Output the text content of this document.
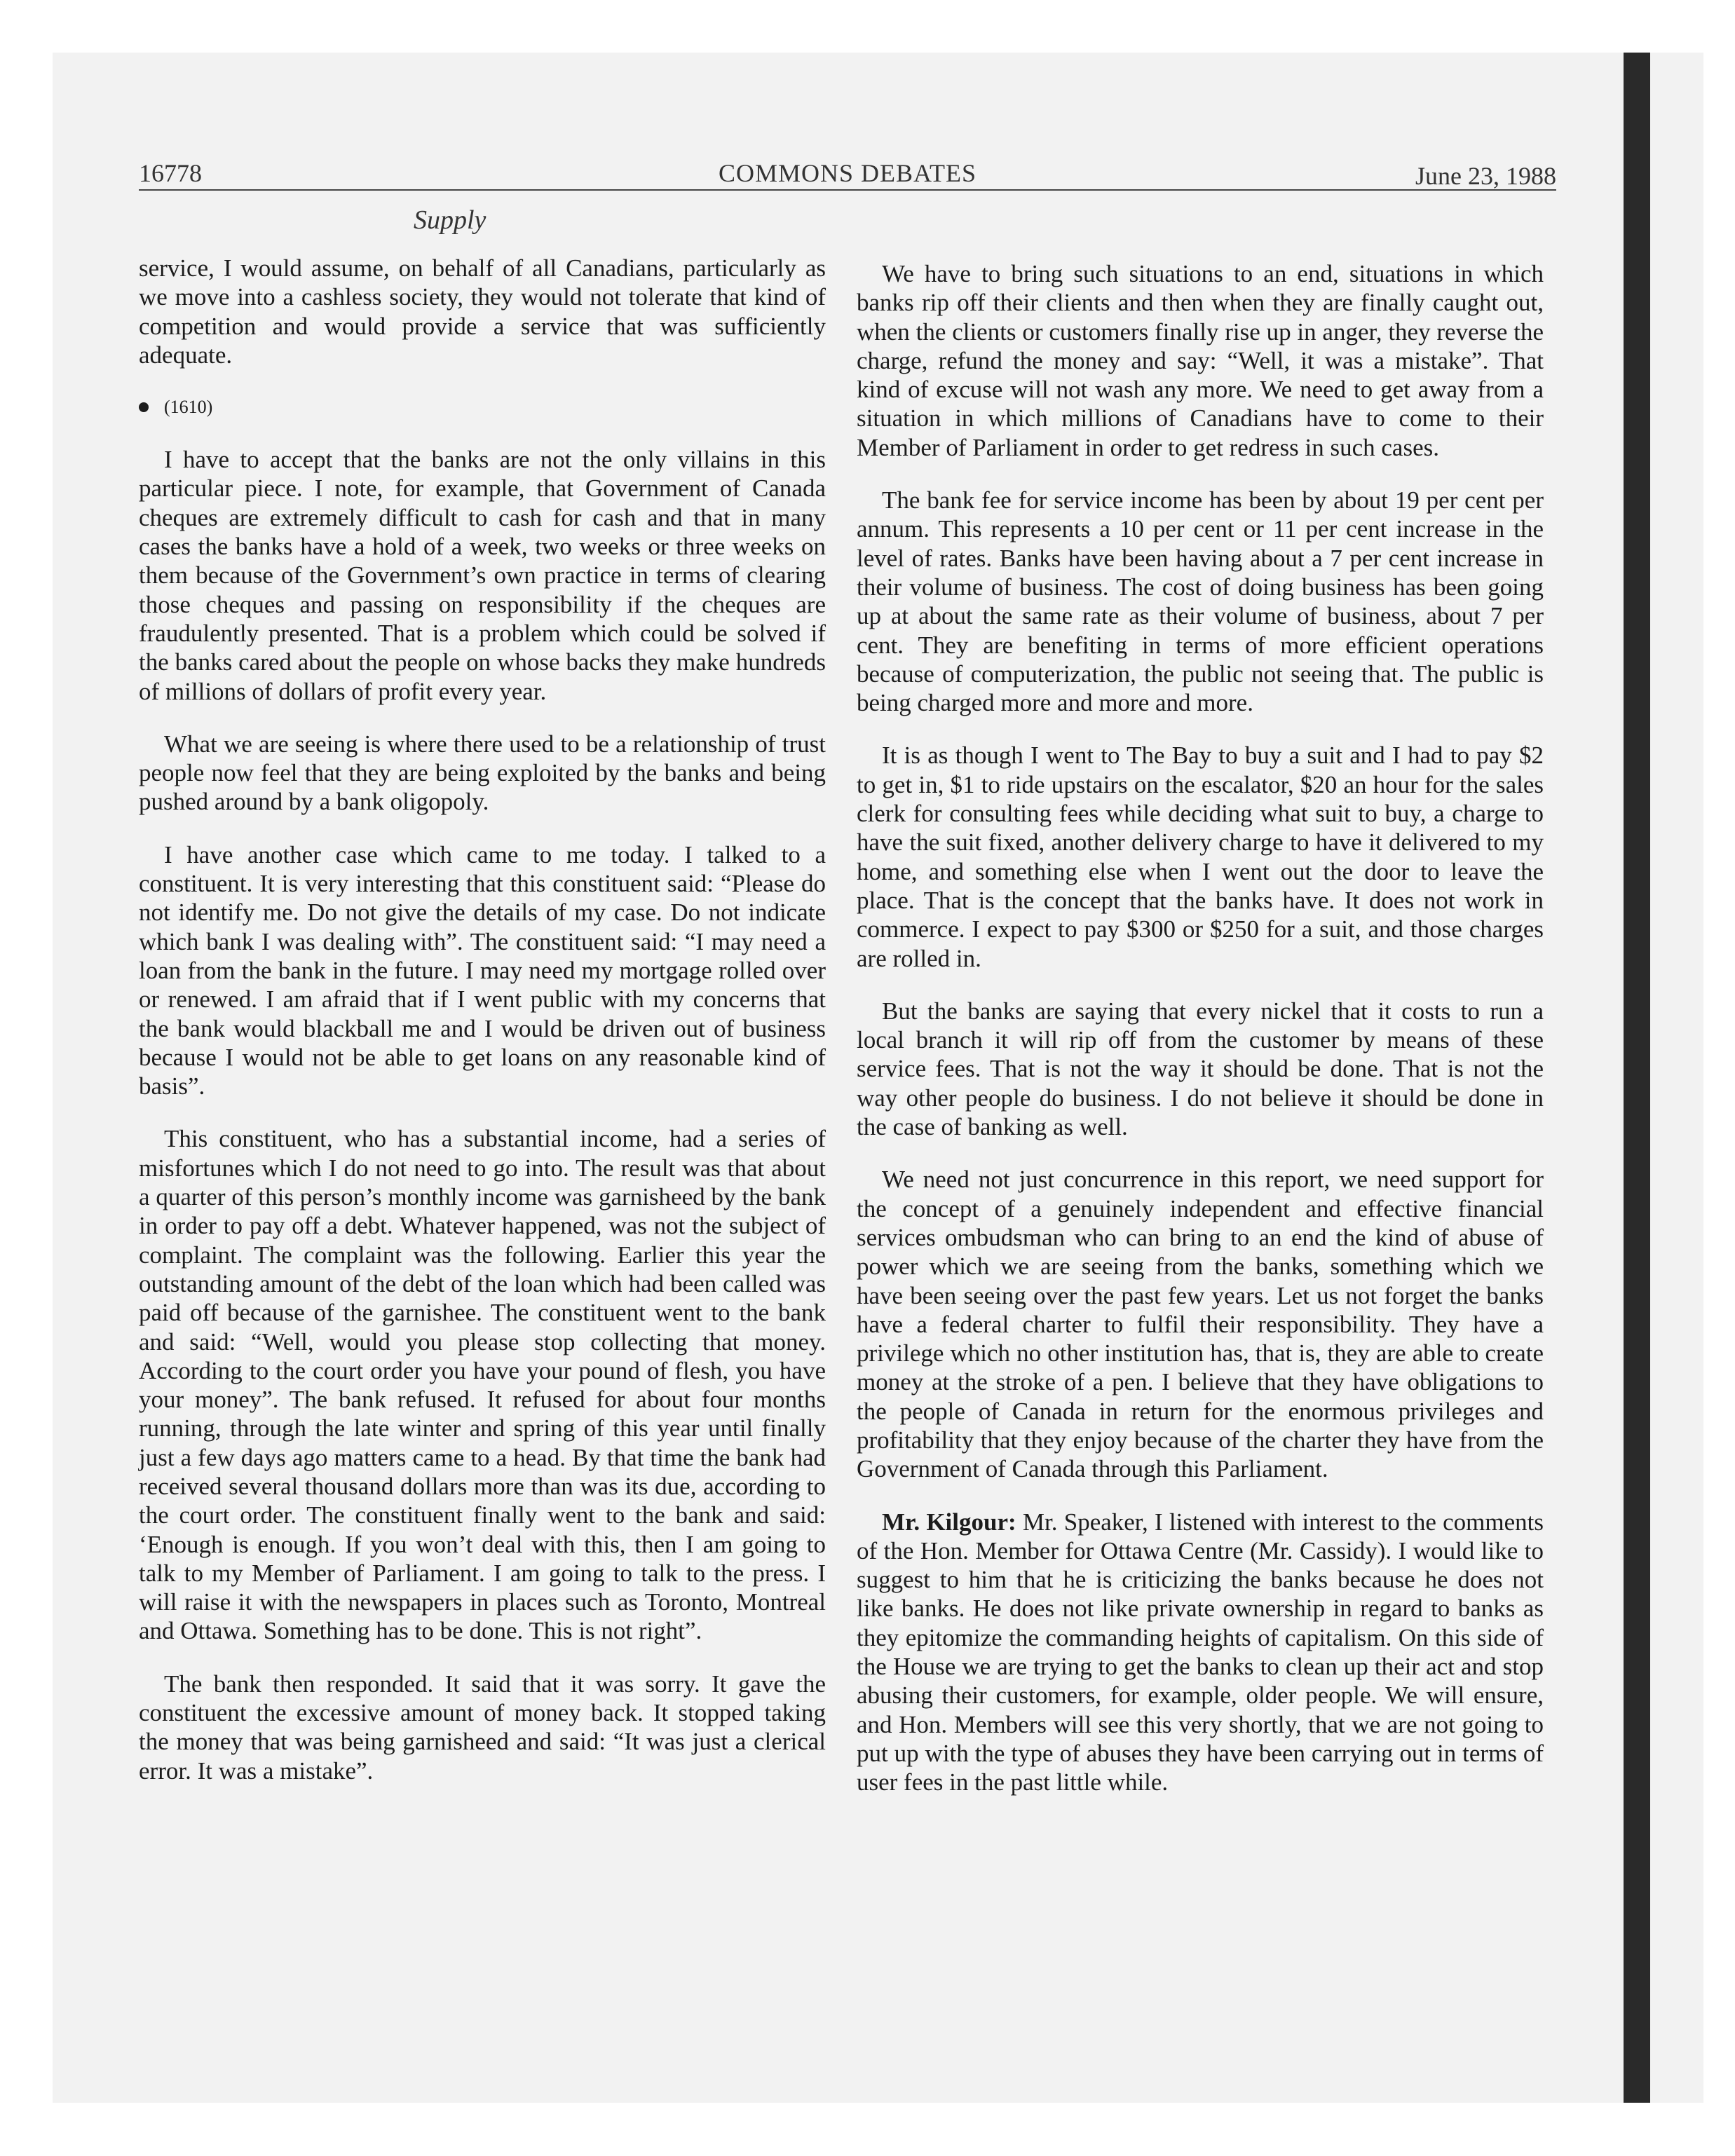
16778	COMMONS DEBATES	June 23, 1988
Supply

service, I would assume, on behalf of all Canadians, particularly as we move into a cashless society, they would not tolerate that kind of competition and would provide a service that was sufficiently adequate.

(1610)

I have to accept that the banks are not the only villains in this particular piece. I note, for example, that Government of Canada cheques are extremely difficult to cash for cash and that in many cases the banks have a hold of a week, two weeks or three weeks on them because of the Government’s own practice in terms of clearing those cheques and passing on responsibility if the cheques are fraudulently presented. That is a problem which could be solved if the banks cared about the people on whose backs they make hundreds of millions of dollars of profit every year.

What we are seeing is where there used to be a relationship of trust people now feel that they are being exploited by the banks and being pushed around by a bank oligopoly.

I have another case which came to me today. I talked to a constituent. It is very interesting that this constituent said: “Please do not identify me. Do not give the details of my case. Do not indicate which bank I was dealing with”. The constituent said: “I may need a loan from the bank in the future. I may need my mortgage rolled over or renewed. I am afraid that if I went public with my concerns that the bank would blackball me and I would be driven out of business because I would not be able to get loans on any reasonable kind of basis”.

This constituent, who has a substantial income, had a series of misfortunes which I do not need to go into. The result was that about a quarter of this person’s monthly income was garnisheed by the bank in order to pay off a debt. Whatever happened, was not the subject of complaint. The complaint was the following. Earlier this year the outstanding amount of the debt of the loan which had been called was paid off because of the garnishee. The constituent went to the bank and said: “Well, would you please stop collecting that money. According to the court order you have your pound of flesh, you have your money”. The bank refused. It refused for about four months running, through the late winter and spring of this year until finally just a few days ago matters came to a head. By that time the bank had received several thousand dollars more than was its due, according to the court order. The constituent finally went to the bank and said: ‘Enough is enough. If you won’t deal with this, then I am going to talk to my Member of Parliament. I am going to talk to the press. I will raise it with the newspapers in places such as Toronto, Montreal and Ottawa. Something has to be done. This is not right”.

The bank then responded. It said that it was sorry. It gave the constituent the excessive amount of money back. It stopped taking the money that was being garnisheed and said: “It was just a clerical error. It was a mistake”.

We have to bring such situations to an end, situations in which banks rip off their clients and then when they are finally caught out, when the clients or customers finally rise up in anger, they reverse the charge, refund the money and say: “Well, it was a mistake”. That kind of excuse will not wash any more. We need to get away from a situation in which millions of Canadians have to come to their Member of Parliament in order to get redress in such cases.

The bank fee for service income has been by about 19 per cent per annum. This represents a 10 per cent or 11 per cent increase in the level of rates. Banks have been having about a 7 per cent increase in their volume of business. The cost of doing business has been going up at about the same rate as their volume of business, about 7 per cent. They are benefiting in terms of more efficient operations because of computerization, the public not seeing that. The public is being charged more and more and more.

It is as though I went to The Bay to buy a suit and I had to pay $2 to get in, $1 to ride upstairs on the escalator, $20 an hour for the sales clerk for consulting fees while deciding what suit to buy, a charge to have the suit fixed, another delivery charge to have it delivered to my home, and something else when I went out the door to leave the place. That is the concept that the banks have. It does not work in commerce. I expect to pay $300 or $250 for a suit, and those charges are rolled in.

But the banks are saying that every nickel that it costs to run a local branch it will rip off from the customer by means of these service fees. That is not the way it should be done. That is not the way other people do business. I do not believe it should be done in the case of banking as well.

We need not just concurrence in this report, we need support for the concept of a genuinely independent and effective financial services ombudsman who can bring to an end the kind of abuse of power which we are seeing from the banks, something which we have been seeing over the past few years. Let us not forget the banks have a federal charter to fulfil their responsibility. They have a privilege which no other institution has, that is, they are able to create money at the stroke of a pen. I believe that they have obligations to the people of Canada in return for the enormous privileges and profitability that they enjoy because of the charter they have from the Government of Canada through this Parliament.

Mr. Kilgour: Mr. Speaker, I listened with interest to the comments of the Hon. Member for Ottawa Centre (Mr. Cassidy). I would like to suggest to him that he is criticizing the banks because he does not like banks. He does not like private ownership in regard to banks as they epitomize the commanding heights of capitalism. On this side of the House we are trying to get the banks to clean up their act and stop abusing their customers, for example, older people. We will ensure, and Hon. Members will see this very shortly, that we are not going to put up with the type of abuses they have been carrying out in terms of user fees in the past little while.
